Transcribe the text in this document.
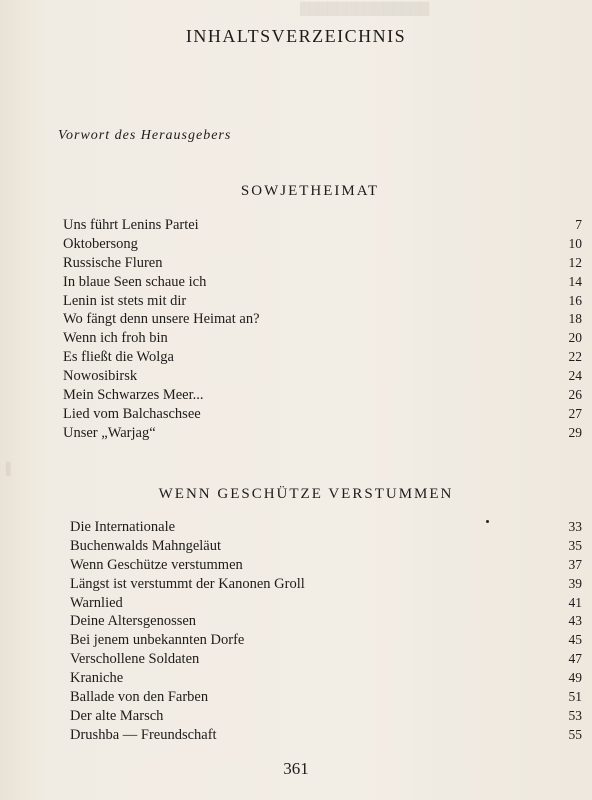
██████████████
▌
INHALTSVERZEICHNIS
Vorwort des Herausgebers
SOWJETHEIMAT
Uns führt Lenins Partei	7
Oktobersong	10
Russische Fluren	12
In blaue Seen schaue ich	14
Lenin ist stets mit dir	16
Wo fängt denn unsere Heimat an?	18
Wenn ich froh bin	20
Es fließt die Wolga	22
Nowosibirsk	24
Mein Schwarzes Meer...	26
Lied vom Balchaschsee	27
Unser „Warjag“	29
WENN GESCHÜTZE VERSTUMMEN
Die Internationale	33
Buchenwalds Mahngeläut	35
Wenn Geschütze verstummen	37
Längst ist verstummt der Kanonen Groll	39
Warnlied	41
Deine Altersgenossen	43
Bei jenem unbekannten Dorfe	45
Verschollene Soldaten	47
Kraniche	49
Ballade von den Farben	51
Der alte Marsch	53
Drushba — Freundschaft	55
361
